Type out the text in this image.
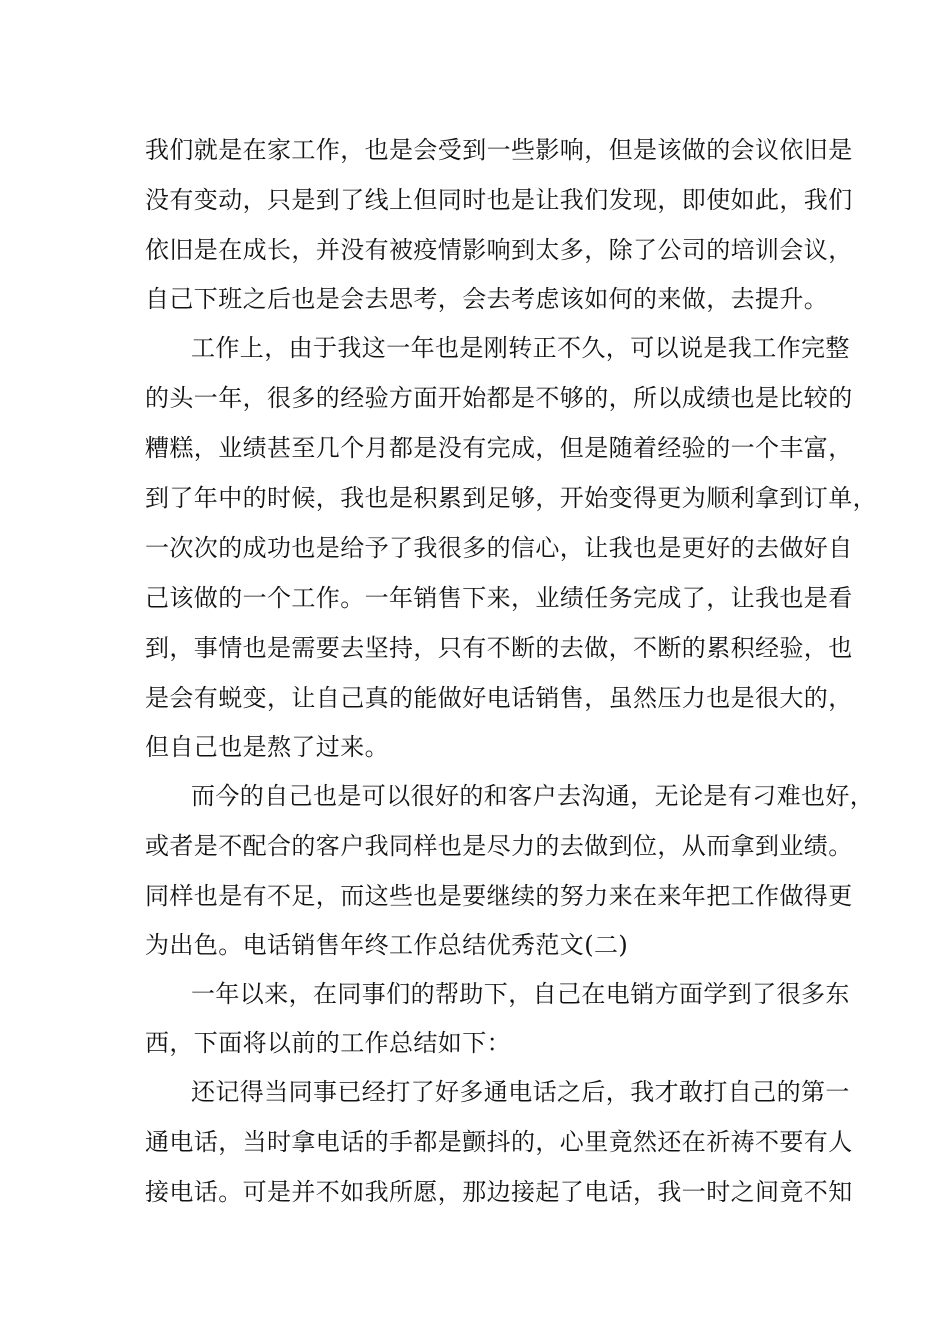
我们就是在家工作，也是会受到一些影响，但是该做的会议依旧是
没有变动，只是到了线上但同时也是让我们发现，即使如此，我们
依旧是在成长，并没有被疫情影响到太多，除了公司的培训会议，
自己下班之后也是会去思考，会去考虑该如何的来做，去提升。
工作上，由于我这一年也是刚转正不久，可以说是我工作完整
的头一年，很多的经验方面开始都是不够的，所以成绩也是比较的
糟糕，业绩甚至几个月都是没有完成，但是随着经验的一个丰富，
到了年中的时候，我也是积累到足够，开始变得更为顺利拿到订单，
一次次的成功也是给予了我很多的信心，让我也是更好的去做好自
己该做的一个工作。一年销售下来，业绩任务完成了，让我也是看
到，事情也是需要去坚持，只有不断的去做，不断的累积经验，也
是会有蜕变，让自己真的能做好电话销售，虽然压力也是很大的，
但自己也是熬了过来。
而今的自己也是可以很好的和客户去沟通，无论是有刁难也好，
或者是不配合的客户我同样也是尽力的去做到位，从而拿到业绩。
同样也是有不足，而这些也是要继续的努力来在来年把工作做得更
为出色。电话销售年终工作总结优秀范文(二)
一年以来，在同事们的帮助下，自己在电销方面学到了很多东
西，下面将以前的工作总结如下：
还记得当同事已经打了好多通电话之后，我才敢打自己的第一
通电话，当时拿电话的手都是颤抖的，心里竟然还在祈祷不要有人
接电话。可是并不如我所愿，那边接起了电话，我一时之间竟不知
